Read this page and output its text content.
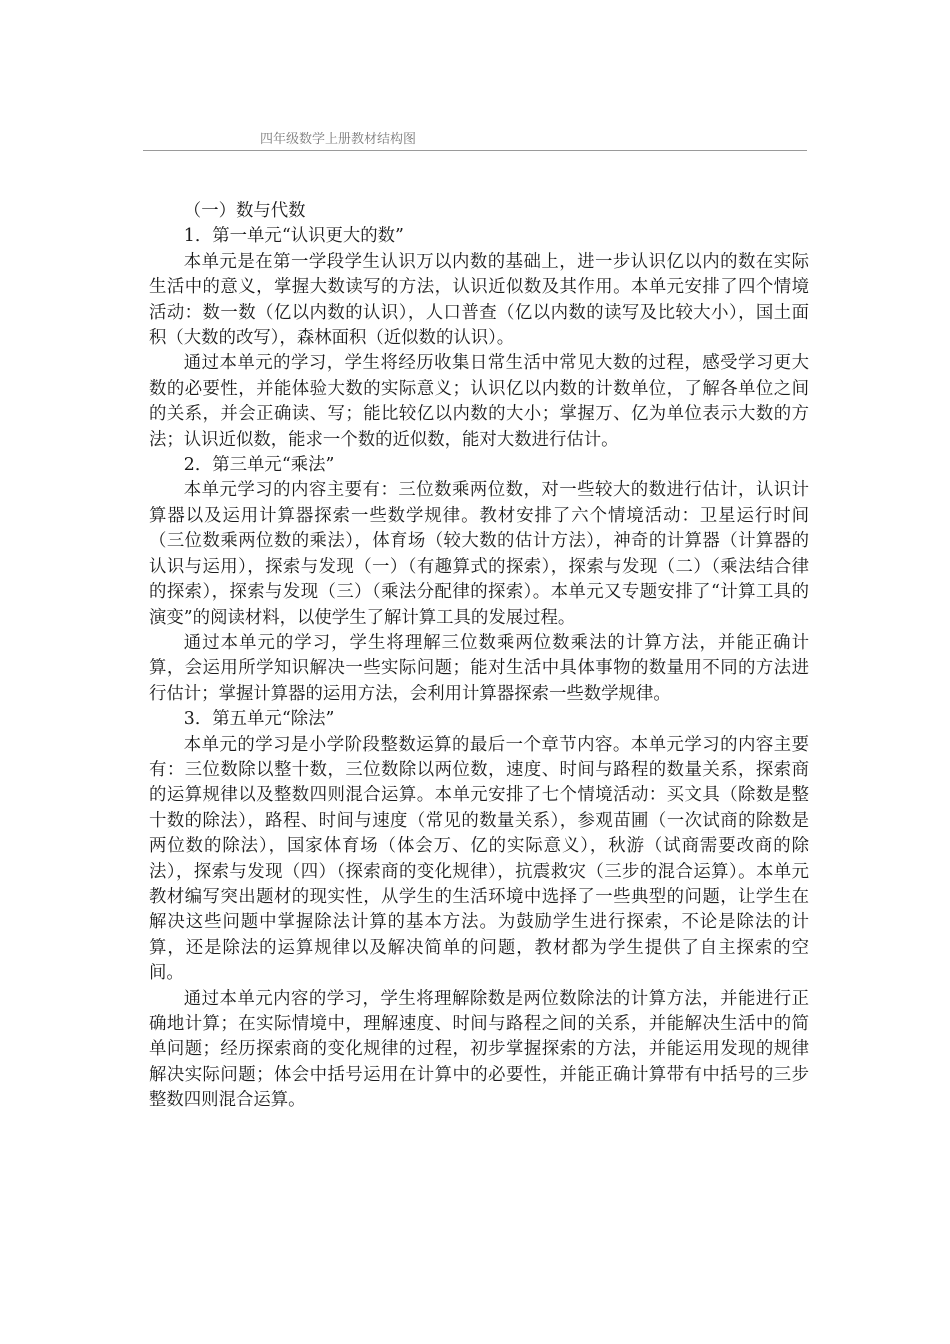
四年级数学上册教材结构图

（一）数与代数

1．第一单元“认识更大的数”

本单元是在第一学段学生认识万以内数的基础上，进一步认识亿以内的数在实际生活中的意义，掌握大数读写的方法，认识近似数及其作用。本单元安排了四个情境活动：数一数（亿以内数的认识），人口普查（亿以内数的读写及比较大小），国土面积（大数的改写），森林面积（近似数的认识）。

通过本单元的学习，学生将经历收集日常生活中常见大数的过程，感受学习更大数的必要性，并能体验大数的实际意义；认识亿以内数的计数单位，了解各单位之间的关系，并会正确读、写；能比较亿以内数的大小；掌握万、亿为单位表示大数的方法；认识近似数，能求一个数的近似数，能对大数进行估计。

2．第三单元“乘法”

本单元学习的内容主要有：三位数乘两位数，对一些较大的数进行估计，认识计算器以及运用计算器探索一些数学规律。教材安排了六个情境活动：卫星运行时间（三位数乘两位数的乘法），体育场（较大数的估计方法），神奇的计算器（计算器的认识与运用），探索与发现（一）（有趣算式的探索），探索与发现（二）（乘法结合律的探索），探索与发现（三）（乘法分配律的探索）。本单元又专题安排了“计算工具的演变”的阅读材料，以使学生了解计算工具的发展过程。

通过本单元的学习，学生将理解三位数乘两位数乘法的计算方法，并能正确计算，会运用所学知识解决一些实际问题；能对生活中具体事物的数量用不同的方法进行估计；掌握计算器的运用方法，会利用计算器探索一些数学规律。

3．第五单元“除法”

本单元的学习是小学阶段整数运算的最后一个章节内容。本单元学习的内容主要有：三位数除以整十数，三位数除以两位数，速度、时间与路程的数量关系，探索商的运算规律以及整数四则混合运算。本单元安排了七个情境活动：买文具（除数是整十数的除法），路程、时间与速度（常见的数量关系），参观苗圃（一次试商的除数是两位数的除法），国家体育场（体会万、亿的实际意义），秋游（试商需要改商的除法），探索与发现（四）（探索商的变化规律），抗震救灾（三步的混合运算）。本单元教材编写突出题材的现实性，从学生的生活环境中选择了一些典型的问题，让学生在解决这些问题中掌握除法计算的基本方法。为鼓励学生进行探索，不论是除法的计算，还是除法的运算规律以及解决简单的问题，教材都为学生提供了自主探索的空间。

通过本单元内容的学习，学生将理解除数是两位数除法的计算方法，并能进行正确地计算；在实际情境中，理解速度、时间与路程之间的关系，并能解决生活中的简单问题；经历探索商的变化规律的过程，初步掌握探索的方法，并能运用发现的规律解决实际问题；体会中括号运用在计算中的必要性，并能正确计算带有中括号的三步整数四则混合运算。
